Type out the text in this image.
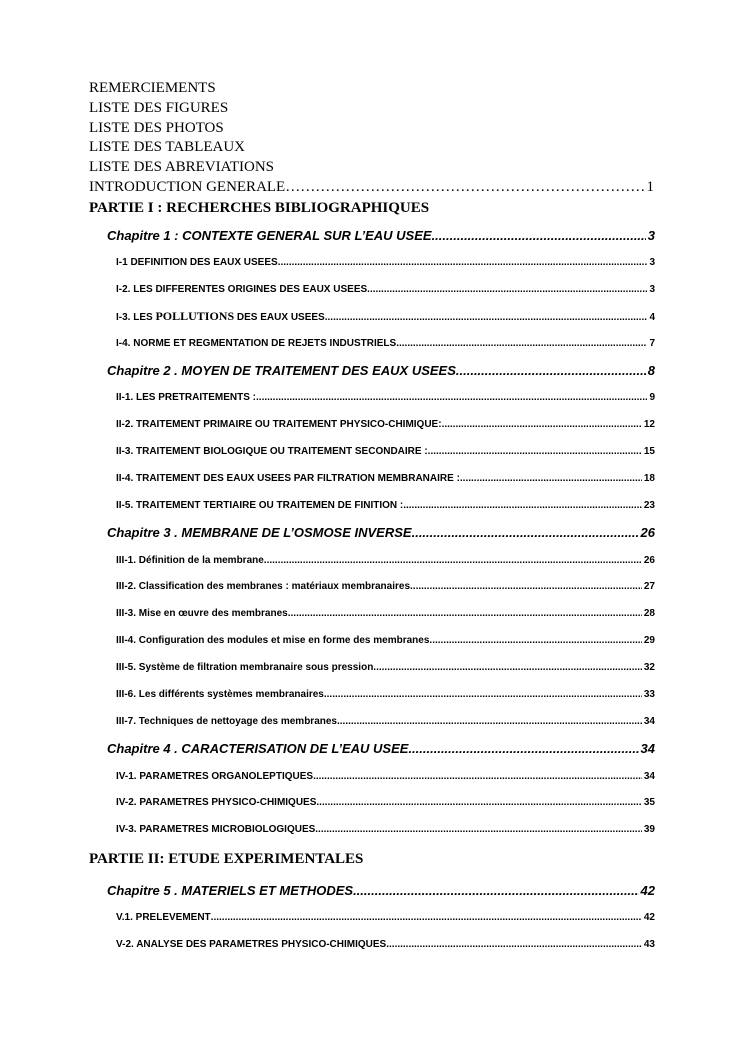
REMERCIEMENTS
LISTE DES FIGURES
LISTE DES PHOTOS
LISTE DES TABLEAUX
LISTE DES ABREVIATIONS
INTRODUCTION GENERALE ……………………………………………………………………………………………………………………………………………………………………………………	1
PARTIE I : RECHERCHES BIBLIOGRAPHIQUES
Chapitre 1 : CONTEXTE GENERAL SUR L’EAU USEE .....	3
I-1 DEFINITION DES EAUX USEES .....	3
I-2. LES DIFFERENTES ORIGINES DES EAUX USEES. .....	3
I-3. LES POLLUTIONS DES EAUX USEES .....	4
I-4. NORME ET REGMENTATION DE REJETS INDUSTRIELS .....	7
Chapitre 2 . MOYEN DE TRAITEMENT DES EAUX USEES .....	8
II-1. LES PRETRAITEMENTS : .....	9
II-2. TRAITEMENT PRIMAIRE OU TRAITEMENT PHYSICO-CHIMIQUE: .....	12
II-3. TRAITEMENT BIOLOGIQUE OU TRAITEMENT SECONDAIRE : .....	15
II-4. TRAITEMENT DES EAUX USEES PAR FILTRATION MEMBRANAIRE : .....	18
II-5. TRAITEMENT TERTIAIRE OU TRAITEMEN DE FINITION : .....	23
Chapitre 3 . MEMBRANE DE L’OSMOSE INVERSE .....	26
III-1. Définition de la membrane. .....	26
III-2. Classification des membranes : matériaux membranaires .....	27
III-3. Mise en œuvre des membranes. .....	28
III-4. Configuration des modules et mise en forme des membranes. .....	29
III-5. Système de filtration membranaire sous pression. .....	32
III-6. Les différents systèmes membranaires. .....	33
III-7. Techniques de nettoyage des membranes .....	34
Chapitre 4 . CARACTERISATION DE L’EAU USEE .....	34
IV-1. PARAMETRES ORGANOLEPTIQUES .....	34
IV-2. PARAMETRES PHYSICO-CHIMIQUES .....	35
IV-3. PARAMETRES MICROBIOLOGIQUES .....	39
PARTIE II: ETUDE EXPERIMENTALES
Chapitre 5 . MATERIELS ET METHODES .....	42
V.1. PRELEVEMENT .....	42
V-2. ANALYSE DES PARAMETRES PHYSICO-CHIMIQUES .....	43
